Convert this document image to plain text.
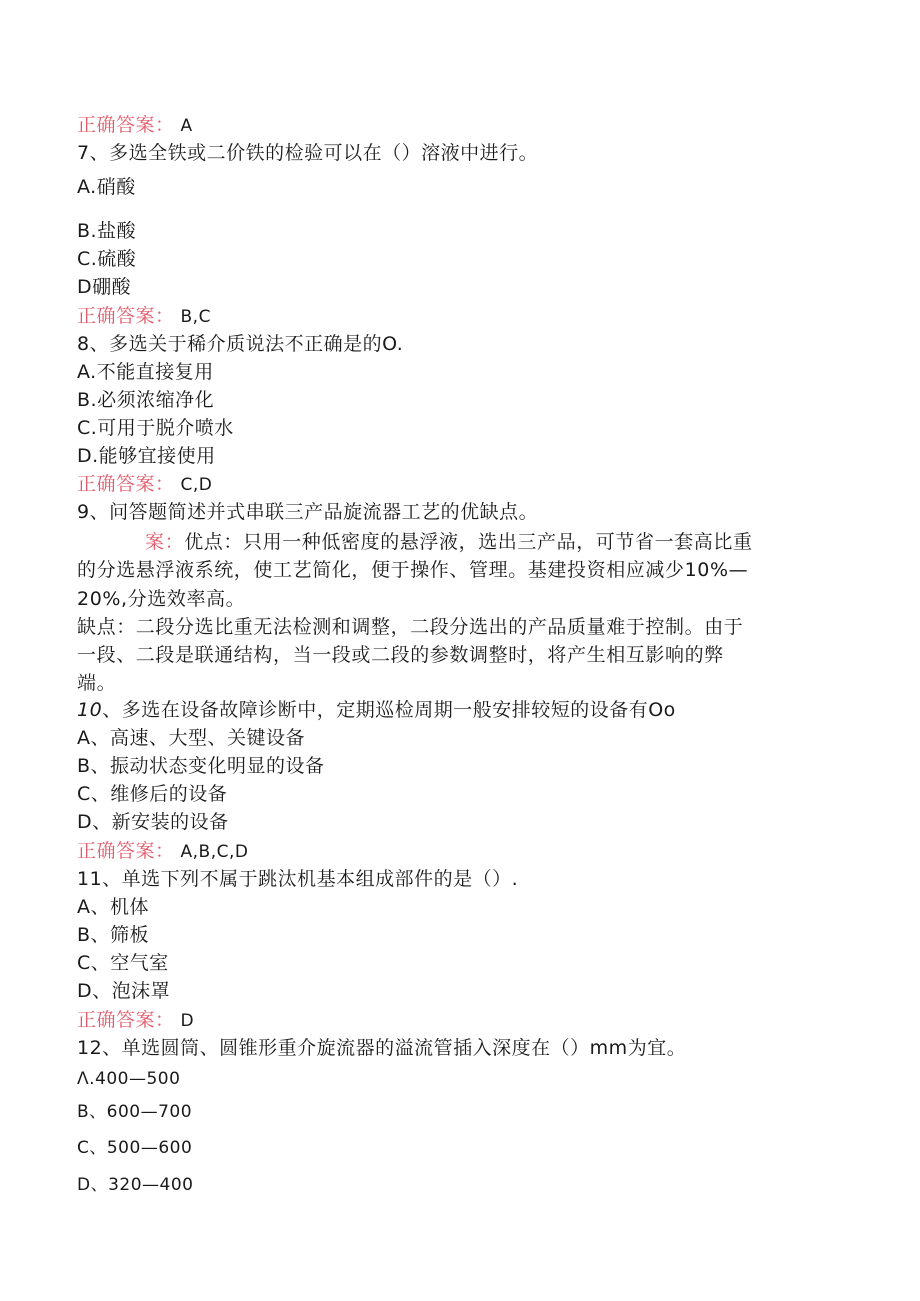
正确答案： A
7、多选全铁或二价铁的检验可以在（）溶液中进行。
A.硝酸
B.盐酸
C.硫酸
D硼酸
正确答案： B,C
8、多选关于稀介质说法不正确是的O.
A.不能直接复用
B.必须浓缩净化
C.可用于脱介喷水
D.能够宜接使用
正确答案： C,D
9、问答题简述并式串联三产品旋流器工艺的优缺点。
案：优点：只用一种低密度的悬浮液，选出三产品，可节省一套高比重
的分选悬浮液系统，使工艺简化，便于操作、管理。基建投资相应减少10%—
20%,分选效率高。
缺点：二段分选比重无法检测和调整，二段分选出的产品质量难于控制。由于
一段、二段是联通结构，当一段或二段的参数调整时，将产生相互影响的弊
端。
10、多选在设备故障诊断中，定期巡检周期一般安排较短的设备有Oo
A、高速、大型、关键设备
B、振动状态变化明显的设备
C、维修后的设备
D、新安装的设备
正确答案： A,B,C,D
11、单选下列不属于跳汰机基本组成部件的是（）.
A、机体
B、筛板
C、空气室
D、泡沫罩
正确答案： D
12、单选圆筒、圆锥形重介旋流器的溢流管插入深度在（）mm为宜。
Λ.400—500
B、600—700
C、500—600
D、320—400
